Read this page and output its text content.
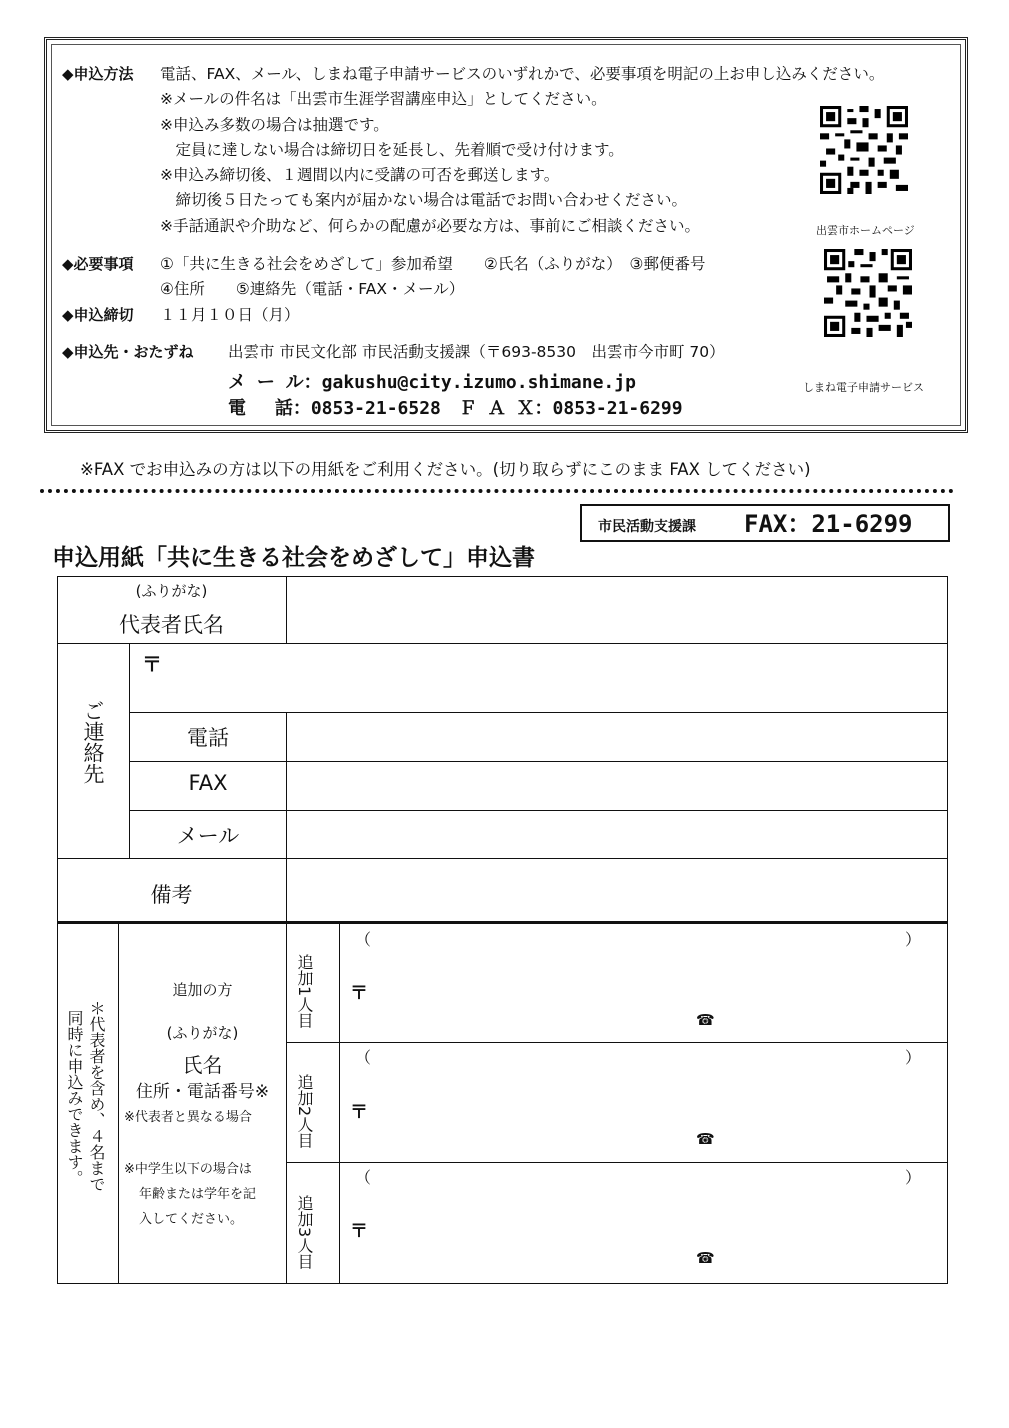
◆申込方法 電話、FAX、メール、しまね電子申請サービスのいずれかで、必要事項を明記の上お申し込みください。
※メールの件名は「出雲市生涯学習講座申込」としてください。
※申込み多数の場合は抽選です。
　定員に達しない場合は締切日を延長し、先着順で受け付けます。
※申込み締切後、１週間以内に受講の可否を郵送します。
　締切後５日たっても案内が届かない場合は電話でお問い合わせください。
※手話通訳や介助など、何らかの配慮が必要な方は、事前にご相談ください。
◆必要事項 ①「共に生きる社会をめざして」参加希望　　②氏名（ふりがな）　③郵便番号
④住所　　⑤連絡先（電話・FAX・メール）
◆申込締切 １１月１０日（月）
◆申込先・おたずね 出雲市 市民文化部 市民活動支援課（〒693-8530　出雲市今市町 70）
メ ー ル：gakushu@city.izumo.shimane.jp
電　 話：0853-21-6528　Ｆ Ａ Ｘ：0853-21-6299
出雲市ホームページ
しまね電子申請サービス
※FAX でお申込みの方は以下の用紙をご利用ください。(切り取らずにこのまま FAX してください)
市民活動支援課 FAX：21-6299
申込用紙「共に生きる社会をめざして」申込書
(ふりがな)
代表者氏名
ご連絡先
〒
電話
FAX
メール
備考
＊代表者を含め、４名まで
同時に申込みできます。
追加の方
(ふりがな)
氏名
住所・電話番号※
※代表者と異なる場合
※中学生以下の場合は
年齢または学年を記
入してください。
追加1人目
（	）
〒
☎
追加2人目
（	）
〒
☎
追加3人目
（	）
〒
☎
